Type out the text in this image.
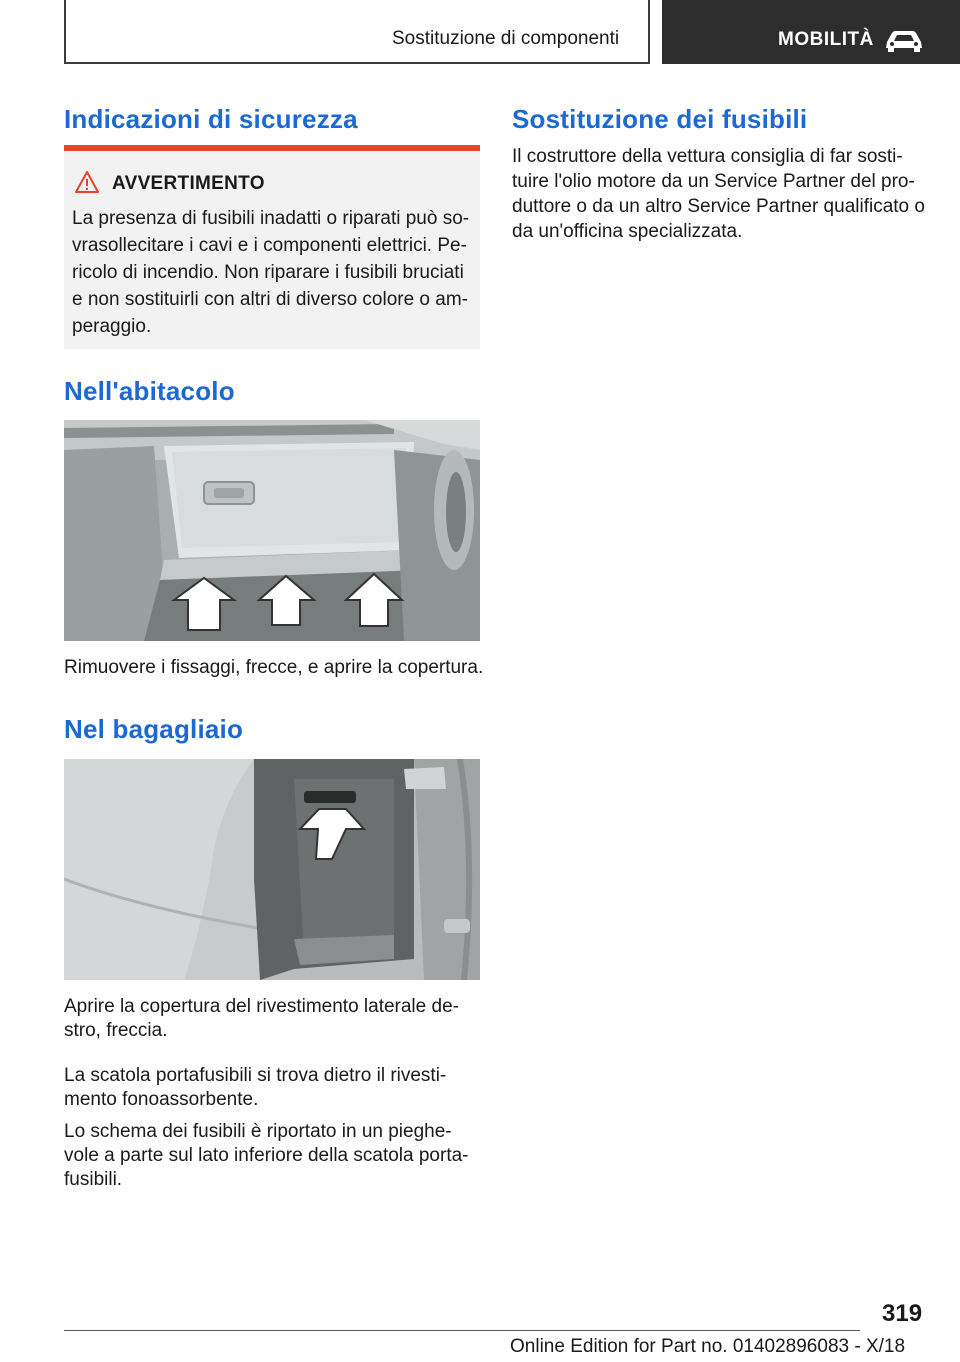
Sostituzione di componenti	MOBILITÀ
Indicazioni di sicurezza
AVVERTIMENTO
La presenza di fusibili inadatti o riparati può so‐
vrasollecitare i cavi e i componenti elettrici. Pe‐
ricolo di incendio. Non riparare i fusibili bruciati
e non sostituirli con altri di diverso colore o am‐
peraggio.
Nell'abitacolo
Rimuovere i fissaggi, frecce, e aprire la copertura.
Nel bagagliaio
Aprire la copertura del rivestimento laterale de‐
stro, freccia.
La scatola portafusibili si trova dietro il rivesti‐
mento fonoassorbente.
Lo schema dei fusibili è riportato in un pieghe‐
vole a parte sul lato inferiore della scatola porta‐
fusibili.
Sostituzione dei fusibili
Il costruttore della vettura consiglia di far sosti‐
tuire l'olio motore da un Service Partner del pro‐
duttore o da un altro Service Partner qualificato o
da un'officina specializzata.
319
Online Edition for Part no. 01402896083 - X/18
